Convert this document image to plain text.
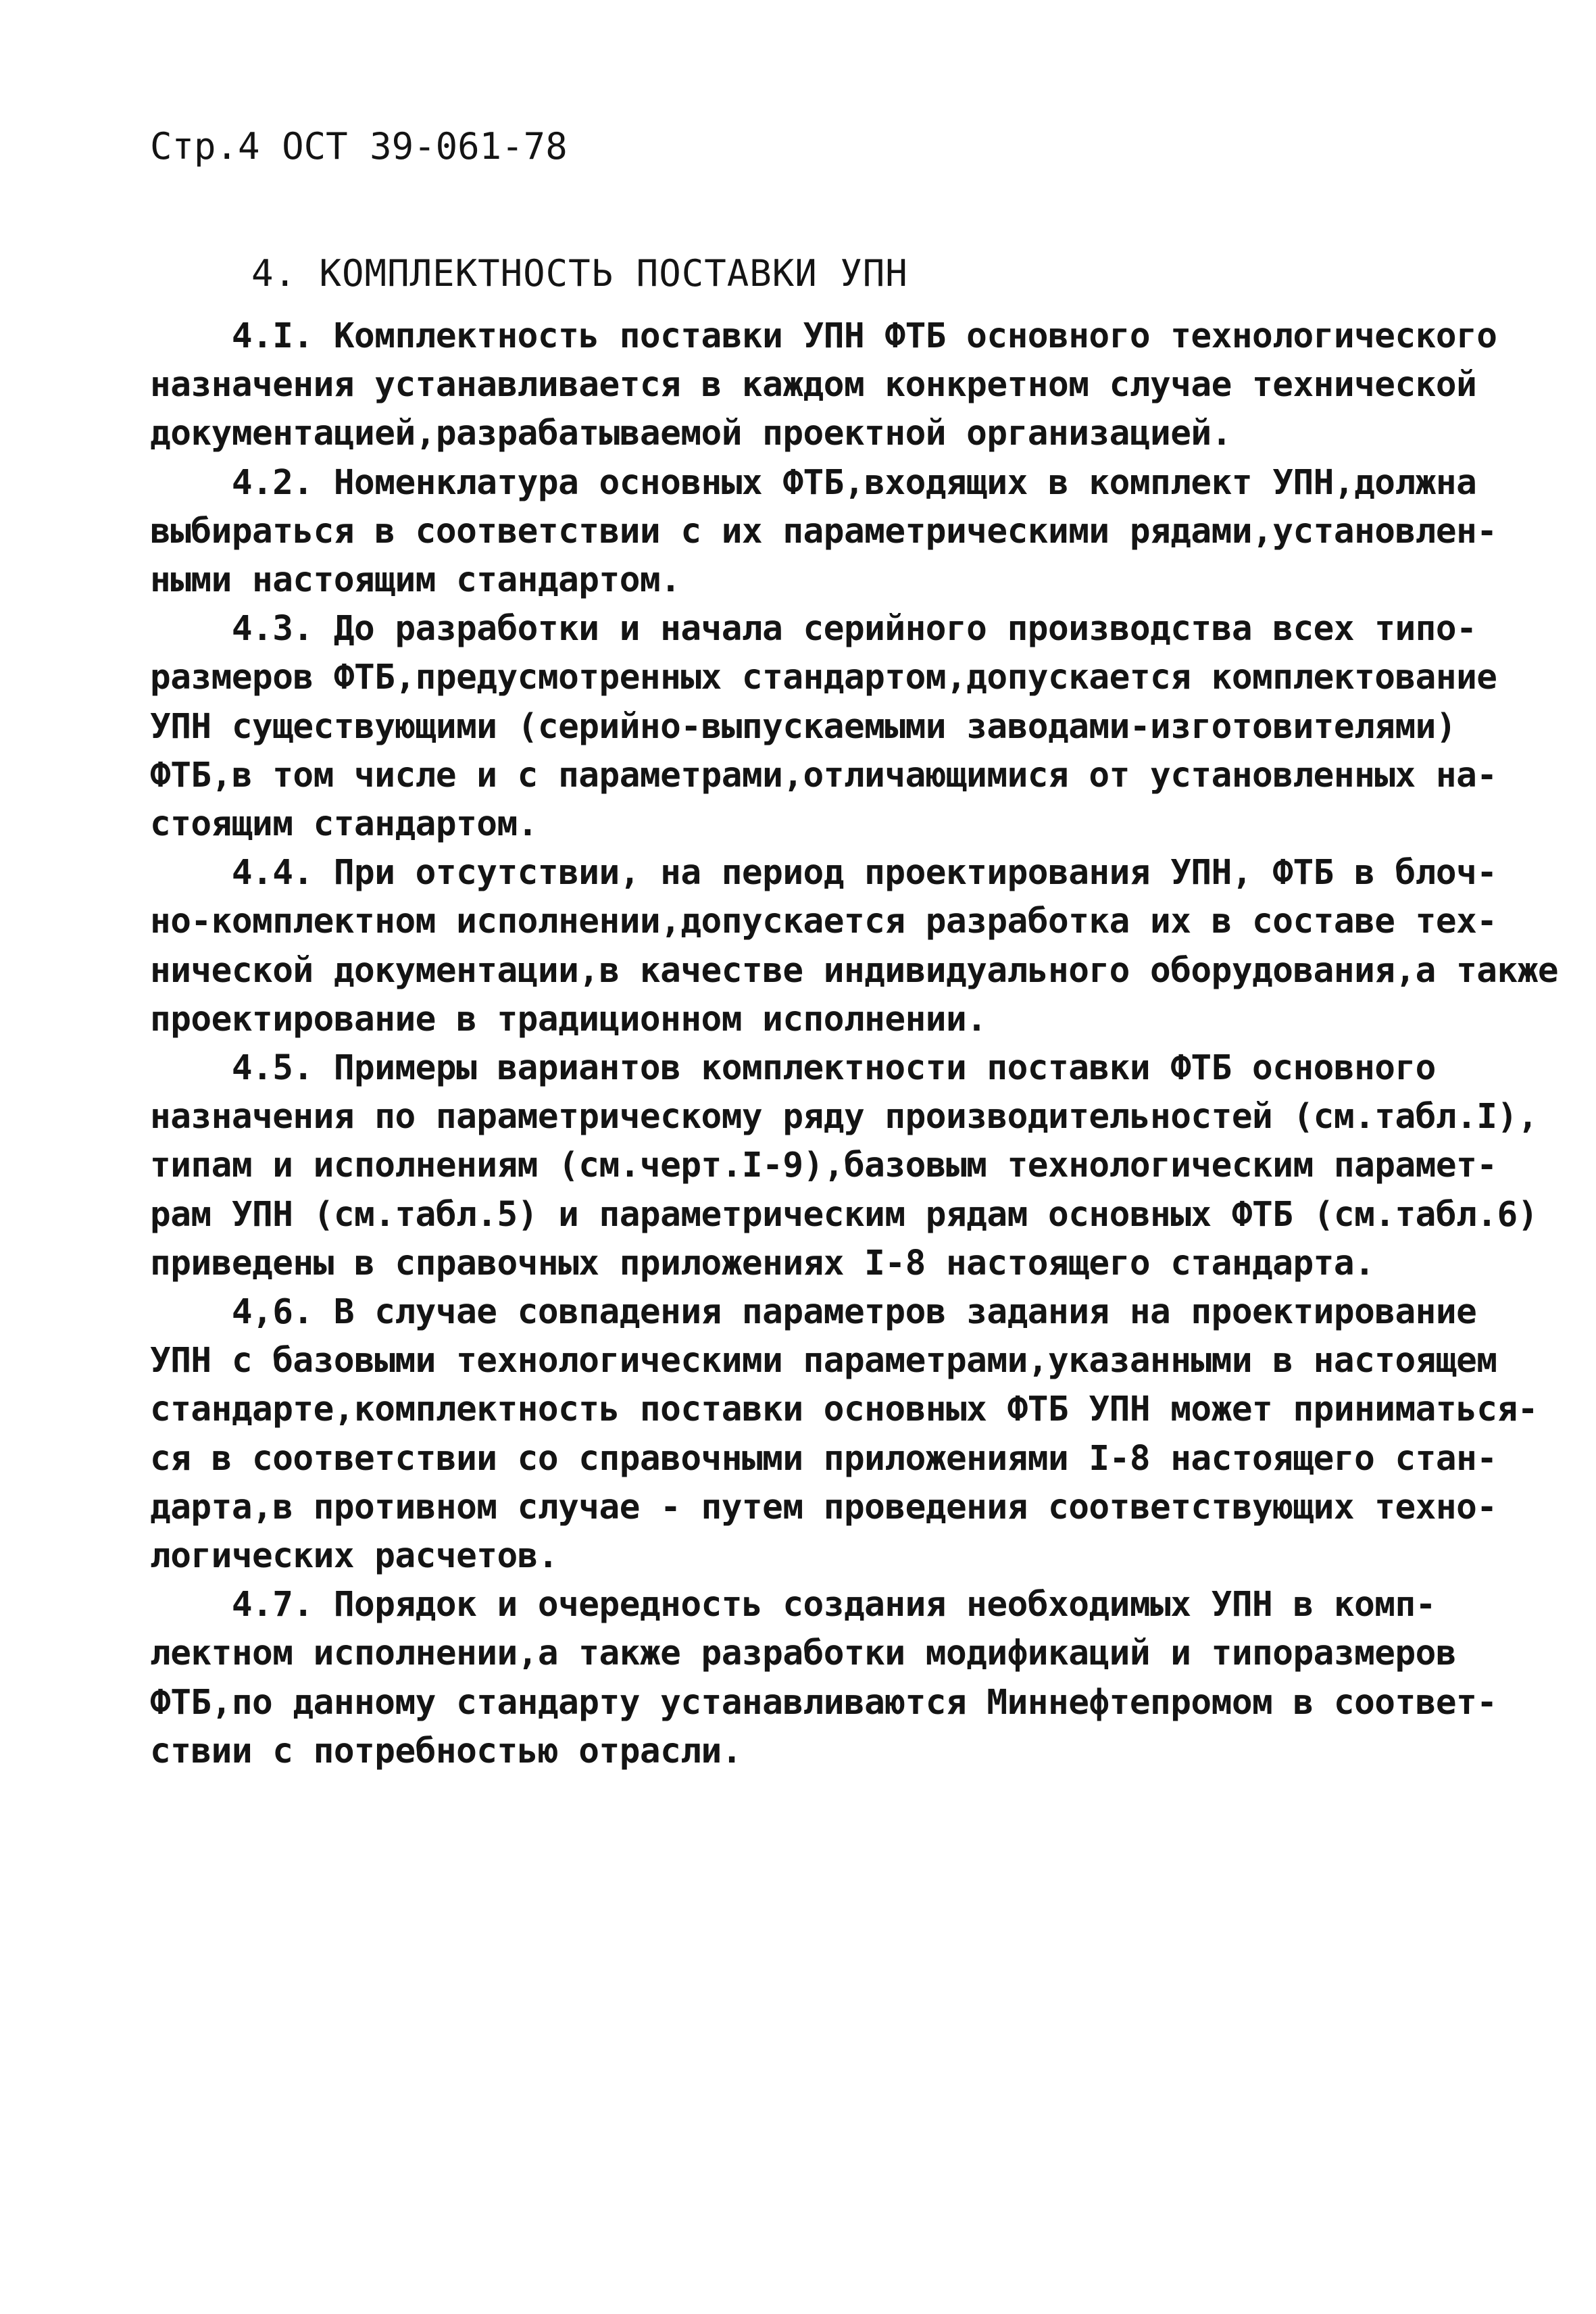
Стр.4 ОСТ 39-061-78
4. КОМПЛЕКТНОСТЬ ПОСТАВКИ УПН
4.I. Комплектность поставки УПН ФТБ основного технологического
назначения устанавливается в каждом конкретном случае технической
документацией,разрабатываемой проектной организацией.
4.2. Номенклатура основных ФТБ,входящих в комплект УПН,должна
выбираться в соответствии с их параметрическими рядами,установлен-
ными настоящим стандартом.
4.3. До разработки и начала серийного производства всех типо-
размеров ФТБ,предусмотренных стандартом,допускается комплектование
УПН существующими (серийно-выпускаемыми заводами-изготовителями)
ФТБ,в том числе и с параметрами,отличающимися от установленных на-
стоящим стандартом.
4.4. При отсутствии, на период проектирования УПН, ФТБ в блоч-
но-комплектном исполнении,допускается разработка их в составе тех-
нической документации,в качестве индивидуального оборудования,а также
проектирование в традиционном исполнении.
4.5. Примеры вариантов комплектности поставки ФТБ основного
назначения по параметрическому ряду производительностей (см.табл.I),
типам и исполнениям (см.черт.I-9),базовым технологическим парамет-
рам УПН (см.табл.5) и параметрическим рядам основных ФТБ (см.табл.6)
приведены в справочных приложениях I-8 настоящего стандарта.
4,6. В случае совпадения параметров задания на проектирование
УПН с базовыми технологическими параметрами,указанными в настоящем
стандарте,комплектность поставки основных ФТБ УПН может приниматься-
ся в соответствии со справочными приложениями I-8 настоящего стан-
дарта,в противном случае - путем проведения соответствующих техно-
логических расчетов.
4.7. Порядок и очередность создания необходимых УПН в комп-
лектном исполнении,а также разработки модификаций и типоразмеров
ФТБ,по данному стандарту устанавливаются Миннефтепромом в соответ-
ствии с потребностью отрасли.
